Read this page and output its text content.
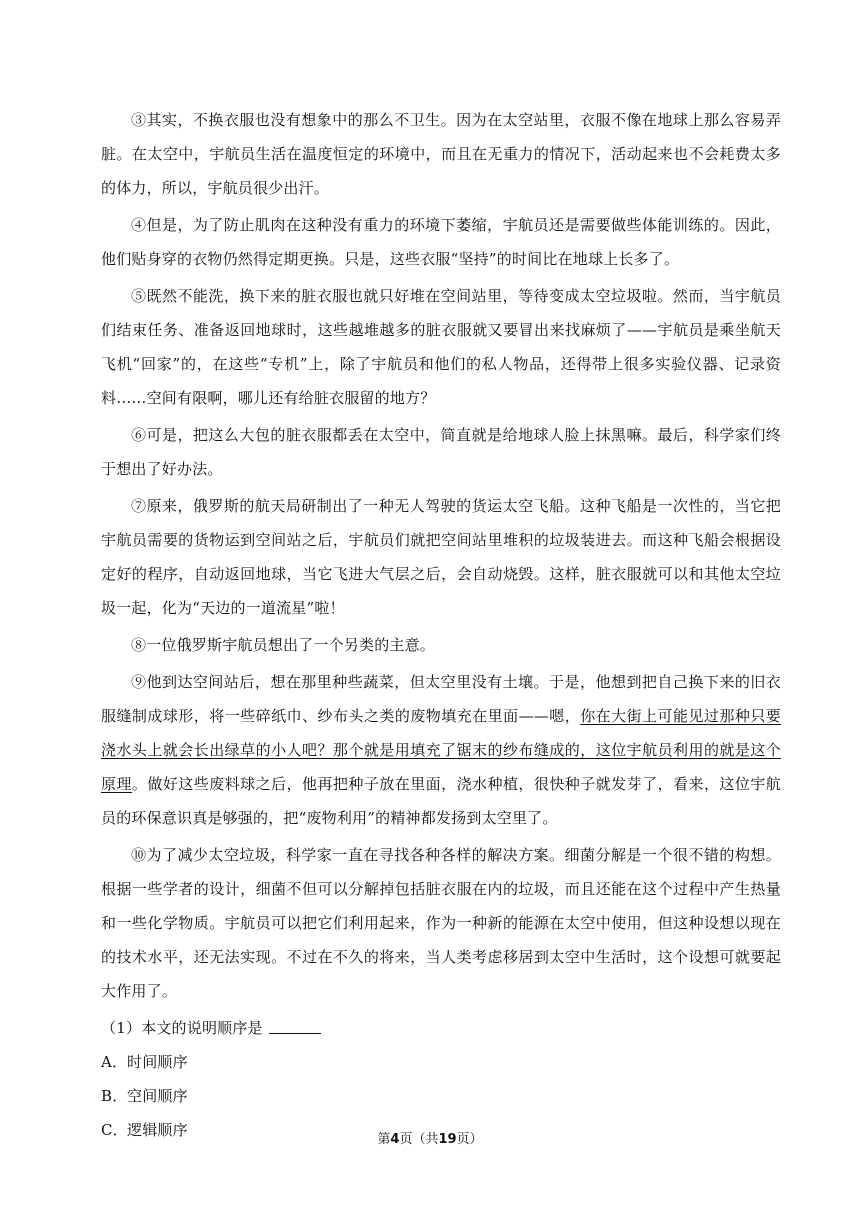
③其实，不换衣服也没有想象中的那么不卫生。因为在太空站里，衣服不像在地球上那么容易弄脏。在太空中，宇航员生活在温度恒定的环境中，而且在无重力的情况下，活动起来也不会耗费太多的体力，所以，宇航员很少出汗。

④但是，为了防止肌肉在这种没有重力的环境下萎缩，宇航员还是需要做些体能训练的。因此，他们贴身穿的衣物仍然得定期更换。只是，这些衣服“坚持”的时间比在地球上长多了。

⑤既然不能洗，换下来的脏衣服也就只好堆在空间站里，等待变成太空垃圾啦。然而，当宇航员们结束任务、准备返回地球时，这些越堆越多的脏衣服就又要冒出来找麻烦了——宇航员是乘坐航天飞机“回家”的，在这些“专机”上，除了宇航员和他们的私人物品，还得带上很多实验仪器、记录资料……空间有限啊，哪儿还有给脏衣服留的地方？

⑥可是，把这么大包的脏衣服都丢在太空中，简直就是给地球人脸上抹黑嘛。最后，科学家们终于想出了好办法。

⑦原来，俄罗斯的航天局研制出了一种无人驾驶的货运太空飞船。这种飞船是一次性的，当它把宇航员需要的货物运到空间站之后，宇航员们就把空间站里堆积的垃圾装进去。而这种飞船会根据设定好的程序，自动返回地球，当它飞进大气层之后，会自动烧毁。这样，脏衣服就可以和其他太空垃圾一起，化为“天边的一道流星”啦！

⑧一位俄罗斯宇航员想出了一个另类的主意。

⑨他到达空间站后，想在那里种些蔬菜，但太空里没有土壤。于是，他想到把自己换下来的旧衣服缝制成球形，将一些碎纸巾、纱布头之类的废物填充在里面——嗯，你在大街上可能见过那种只要浇水头上就会长出绿草的小人吧？那个就是用填充了锯末的纱布缝成的，这位宇航员利用的就是这个原理。做好这些废料球之后，他再把种子放在里面，浇水种植，很快种子就发芽了，看来，这位宇航员的环保意识真是够强的，把“废物利用”的精神都发扬到太空里了。

⑩为了减少太空垃圾，科学家一直在寻找各种各样的解决方案。细菌分解是一个很不错的构想。根据一些学者的设计，细菌不但可以分解掉包括脏衣服在内的垃圾，而且还能在这个过程中产生热量和一些化学物质。宇航员可以把它们利用起来，作为一种新的能源在太空中使用，但这种设想以现在的技术水平，还无法实现。不过在不久的将来，当人类考虑移居到太空中生活时，这个设想可就要起大作用了。

（1）本文的说明顺序是

A．时间顺序

B．空间顺序

C．逻辑顺序

第4页（共19页）
